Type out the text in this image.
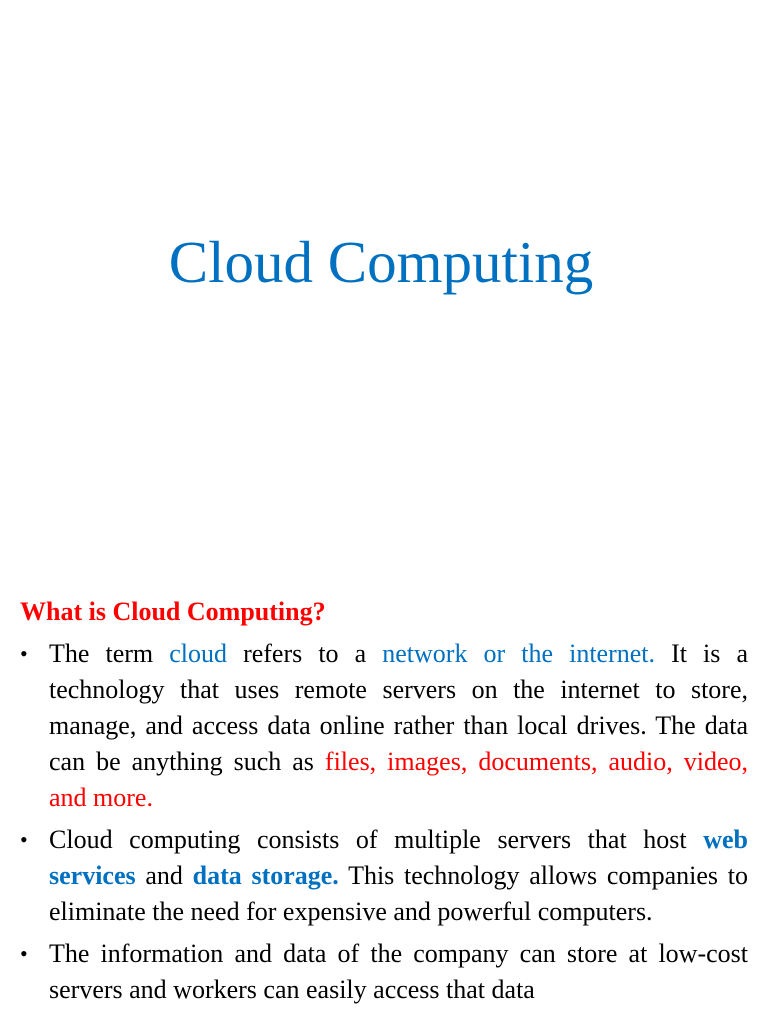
Cloud Computing
What is Cloud Computing?
• The term cloud refers to a network or the internet. It is a technology that uses remote servers on the internet to store, manage, and access data online rather than local drives. The data can be anything such as files, images, documents, audio, video, and more.
• Cloud computing consists of multiple servers that host web services and data storage. This technology allows companies to eliminate the need for expensive and powerful computers.
• The information and data of the company can store at low-cost servers and workers can easily access that data
